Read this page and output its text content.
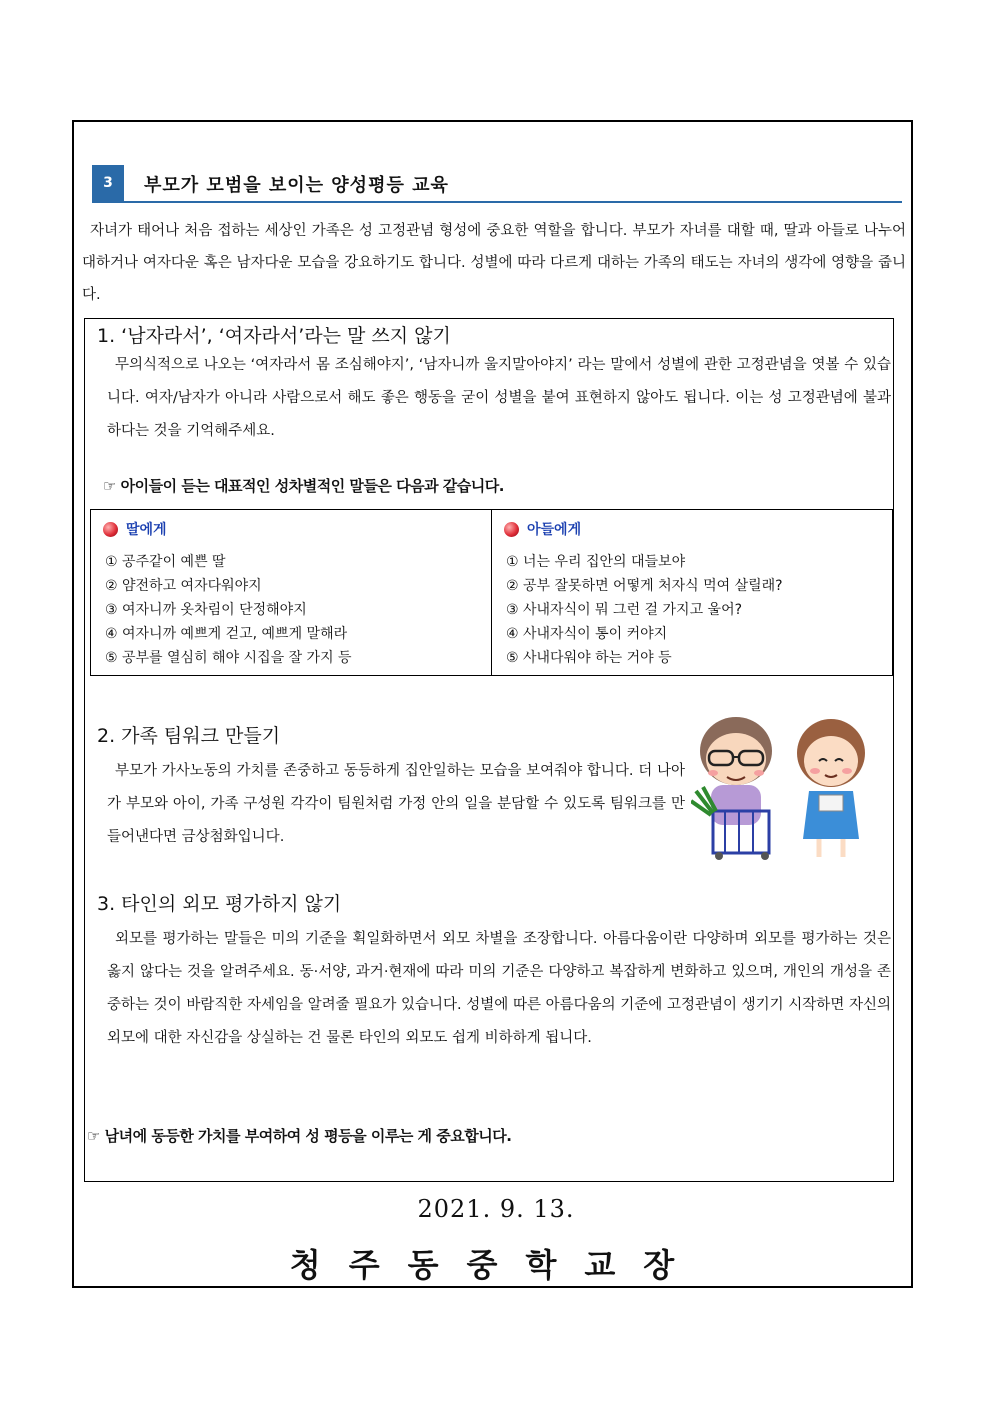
3	부모가 모범을 보이는 양성평등 교육
자녀가 태어나 처음 접하는 세상인 가족은 성 고정관념 형성에 중요한 역할을 합니다. 부모가 자녀를 대할 때, 딸과 아들로 나누어 대하거나 여자다운 혹은 남자다운 모습을 강요하기도 합니다. 성별에 따라 다르게 대하는 가족의 태도는 자녀의 생각에 영향을 줍니다.
1. ‘남자라서’, ‘여자라서’라는 말 쓰지 않기
무의식적으로 나오는 ‘여자라서 몸 조심해야지’, ‘남자니까 울지말아야지’ 라는 말에서 성별에 관한 고정관념을 엿볼 수 있습니다. 여자/남자가 아니라 사람으로서 해도 좋은 행동을 굳이 성별을 붙여 표현하지 않아도 됩니다. 이는 성 고정관념에 불과하다는 것을 기억해주세요.
☞ 아이들이 듣는 대표적인 성차별적인 말들은 다음과 같습니다.
딸에게
① 공주같이 예쁜 딸
② 얌전하고 여자다워야지
③ 여자니까 옷차림이 단정해야지
④ 여자니까 예쁘게 걷고, 예쁘게 말해라
⑤ 공부를 열심히 해야 시집을 잘 가지 등
아들에게
① 너는 우리 집안의 대들보야
② 공부 잘못하면 어떻게 처자식 먹여 살릴래?
③ 사내자식이 뭐 그런 걸 가지고 울어?
④ 사내자식이 통이 커야지
⑤ 사내다워야 하는 거야 등
2. 가족 팀워크 만들기
부모가 가사노동의 가치를 존중하고 동등하게 집안일하는 모습을 보여줘야 합니다. 더 나아가 부모와 아이, 가족 구성원 각각이 팀원처럼 가정 안의 일을 분담할 수 있도록 팀워크를 만들어낸다면 금상첨화입니다.
3. 타인의 외모 평가하지 않기
외모를 평가하는 말들은 미의 기준을 획일화하면서 외모 차별을 조장합니다. 아름다움이란 다양하며 외모를 평가하는 것은 옳지 않다는 것을 알려주세요. 동·서양, 과거·현재에 따라 미의 기준은 다양하고 복잡하게 변화하고 있으며, 개인의 개성을 존중하는 것이 바람직한 자세임을 알려줄 필요가 있습니다. 성별에 따른 아름다움의 기준에 고정관념이 생기기 시작하면 자신의 외모에 대한 자신감을 상실하는 건 물론 타인의 외모도 쉽게 비하하게 됩니다.
☞ 남녀에 동등한 가치를 부여하여 성 평등을 이루는 게 중요합니다.
2021. 9. 13.
청주동중학교장
